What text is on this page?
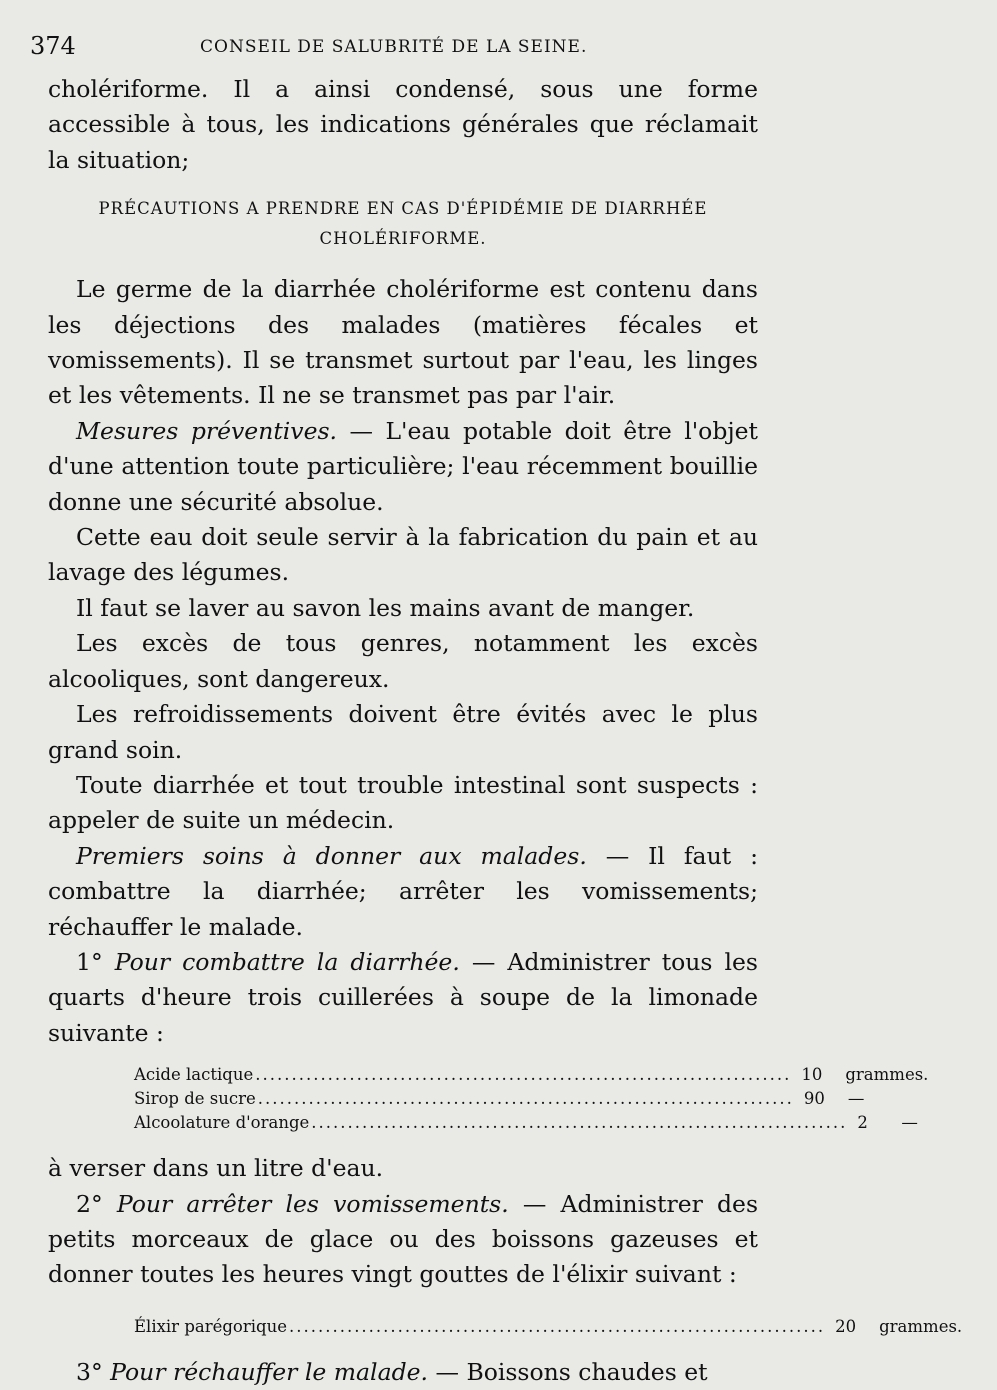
374	CONSEIL DE SALUBRITÉ DE LA SEINE.

cholériforme. Il a ainsi condensé, sous une forme accessible à tous, les indications générales que réclamait la situation;

PRÉCAUTIONS A PRENDRE EN CAS D'ÉPIDÉMIE DE DIARRHÉE CHOLÉRIFORME.

Le germe de la diarrhée cholériforme est contenu dans les déjections des malades (matières fécales et vomissements). Il se transmet surtout par l'eau, les linges et les vêtements. Il ne se transmet pas par l'air.

Mesures préventives. — L'eau potable doit être l'objet d'une attention toute particulière; l'eau récemment bouillie donne une sécurité absolue.

Cette eau doit seule servir à la fabrication du pain et au lavage des légumes.

Il faut se laver au savon les mains avant de manger.

Les excès de tous genres, notamment les excès alcooliques, sont dangereux.

Les refroidissements doivent être évités avec le plus grand soin.

Toute diarrhée et tout trouble intestinal sont suspects : appeler de suite un médecin.

Premiers soins à donner aux malades. — Il faut : combattre la diarrhée; arrêter les vomissements; réchauffer le malade.

1° Pour combattre la diarrhée. — Administrer tous les quarts d'heure trois cuillerées à soupe de la limonade suivante :

Acide lactique .......................................................................... 10	grammes.
Sirop de sucre .......................................................................... 90	—
Alcoolature d'orange .......................................................................... 2	—

à verser dans un litre d'eau.

2° Pour arrêter les vomissements. — Administrer des petits morceaux de glace ou des boissons gazeuses et donner toutes les heures vingt gouttes de l'élixir suivant :

Élixir parégorique .......................................................................... 20	grammes.

3° Pour réchauffer le malade. — Boissons chaudes et
